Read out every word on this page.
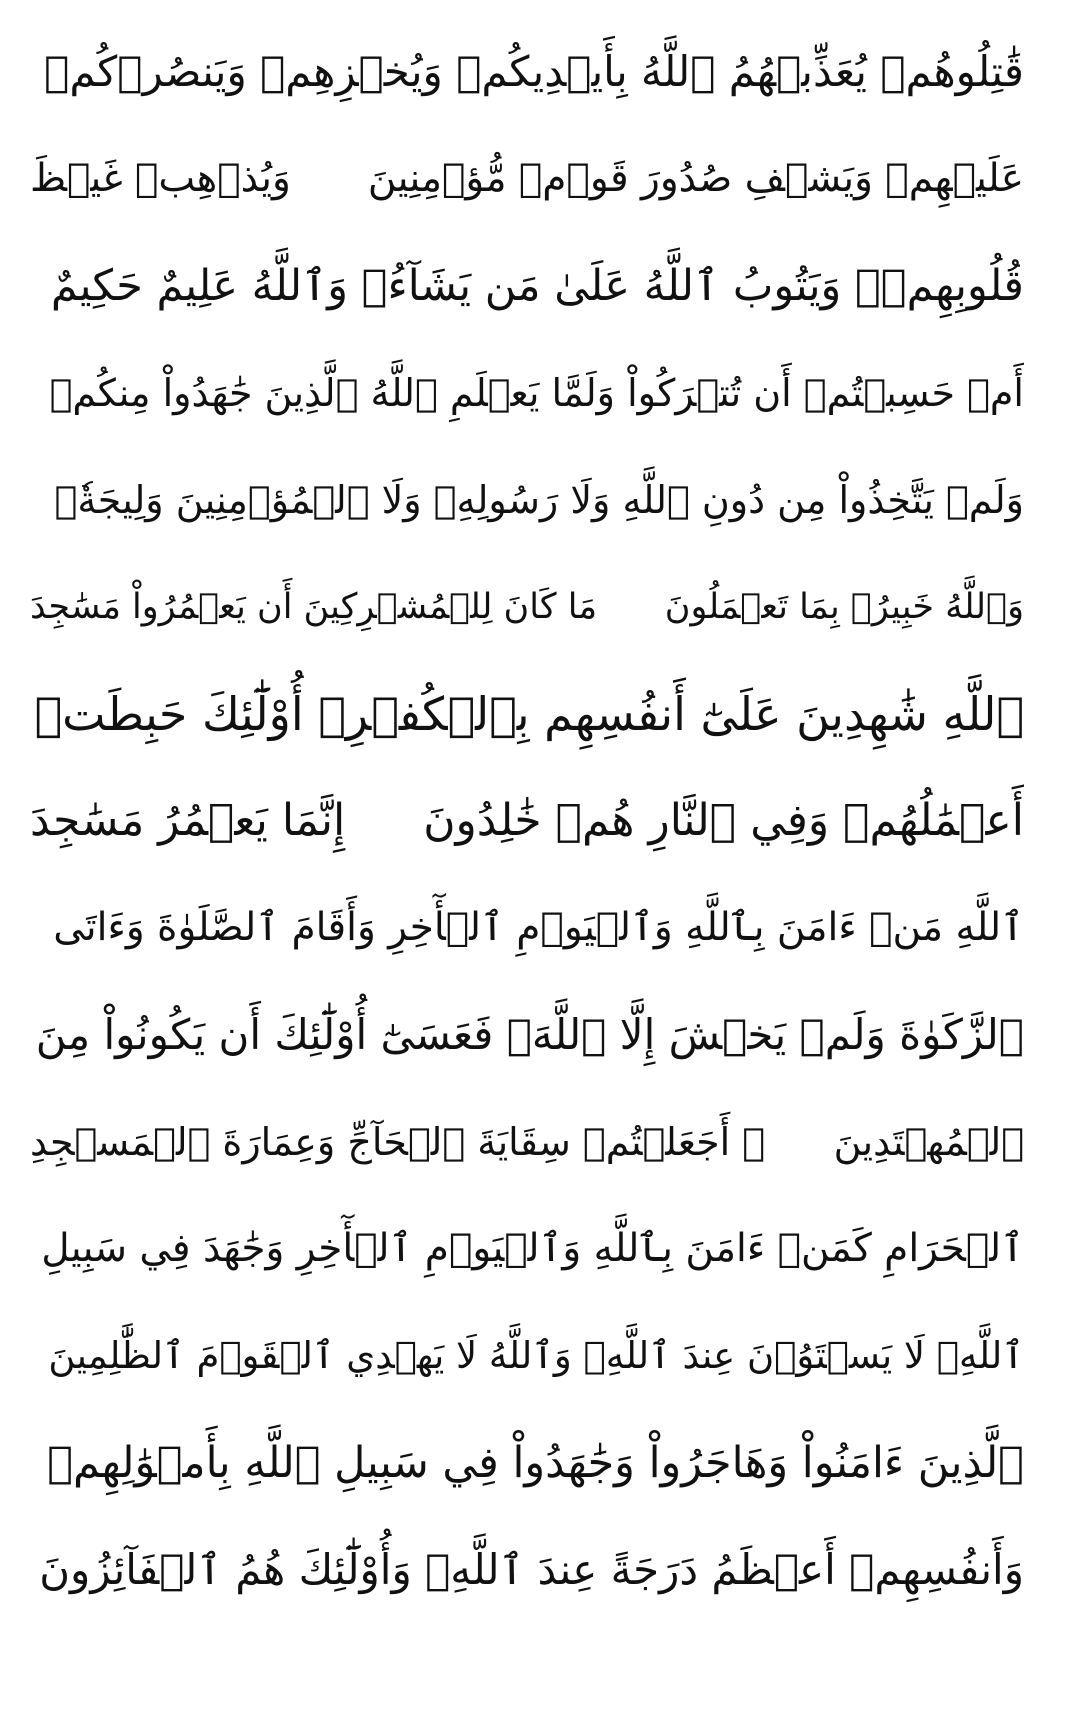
قَٰتِلُوهُمۡ يُعَذِّبۡهُمُ ٱللَّهُ بِأَيۡدِيكُمۡ وَيُخۡزِهِمۡ وَيَنصُرۡكُمۡ
عَلَيۡهِمۡ وَيَشۡفِ صُدُورَ قَوۡمٖ مُّؤۡمِنِينَ
وَيُذۡهِبۡ غَيۡظَ
قُلُوبِهِمۡۗ وَيَتُوبُ ٱللَّهُ عَلَىٰ مَن يَشَآءُۗ وَٱللَّهُ عَلِيمٌ حَكِيمٌ
أَمۡ حَسِبۡتُمۡ أَن تُتۡرَكُواْ وَلَمَّا يَعۡلَمِ ٱللَّهُ ٱلَّذِينَ جَٰهَدُواْ مِنكُمۡ
وَلَمۡ يَتَّخِذُواْ مِن دُونِ ٱللَّهِ وَلَا رَسُولِهِۦ وَلَا ٱلۡمُؤۡمِنِينَ وَلِيجَةٗۚ
وَٱللَّهُ خَبِيرُۢ بِمَا تَعۡمَلُونَ
مَا كَانَ لِلۡمُشۡرِكِينَ أَن يَعۡمُرُواْ مَسَٰجِدَ
ٱللَّهِ شَٰهِدِينَ عَلَىٰٓ أَنفُسِهِم بِٱلۡكُفۡرِۚ أُوْلَٰٓئِكَ حَبِطَتۡ
أَعۡمَٰلُهُمۡ وَفِي ٱلنَّارِ هُمۡ خَٰلِدُونَ
إِنَّمَا يَعۡمُرُ مَسَٰجِدَ
ٱللَّهِ مَنۡ ءَامَنَ بِٱللَّهِ وَٱلۡيَوۡمِ ٱلۡأٓخِرِ وَأَقَامَ ٱلصَّلَوٰةَ وَءَاتَى
ٱلزَّكَوٰةَ وَلَمۡ يَخۡشَ إِلَّا ٱللَّهَۖ فَعَسَىٰٓ أُوْلَٰٓئِكَ أَن يَكُونُواْ مِنَ
ٱلۡمُهۡتَدِينَ
۞ أَجَعَلۡتُمۡ سِقَايَةَ ٱلۡحَآجِّ وَعِمَارَةَ ٱلۡمَسۡجِدِ
ٱلۡحَرَامِ كَمَنۡ ءَامَنَ بِٱللَّهِ وَٱلۡيَوۡمِ ٱلۡأٓخِرِ وَجَٰهَدَ فِي سَبِيلِ
ٱللَّهِۚ لَا يَسۡتَوُۥنَ عِندَ ٱللَّهِۗ وَٱللَّهُ لَا يَهۡدِي ٱلۡقَوۡمَ ٱلظَّٰلِمِينَ
ٱلَّذِينَ ءَامَنُواْ وَهَاجَرُواْ وَجَٰهَدُواْ فِي سَبِيلِ ٱللَّهِ بِأَمۡوَٰلِهِمۡ
وَأَنفُسِهِمۡ أَعۡظَمُ دَرَجَةً عِندَ ٱللَّهِۚ وَأُوْلَٰٓئِكَ هُمُ ٱلۡفَآئِزُونَ
